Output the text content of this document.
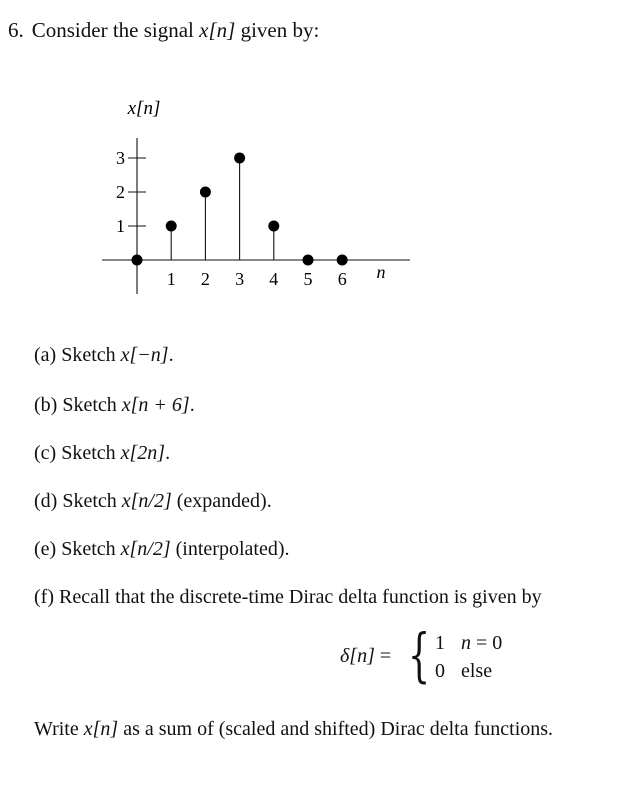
6. Consider the signal x[n] given by:
x[n]
n
1
2
3
1 2 3 4 5 6
(a) Sketch x[−n].
(b) Sketch x[n + 6].
(c) Sketch x[2n].
(d) Sketch x[n/2] (expanded).
(e) Sketch x[n/2] (interpolated).
(f) Recall that the discrete-time Dirac delta function is given by
δ[n] = { 1 n = 0
0 else
Write x[n] as a sum of (scaled and shifted) Dirac delta functions.
